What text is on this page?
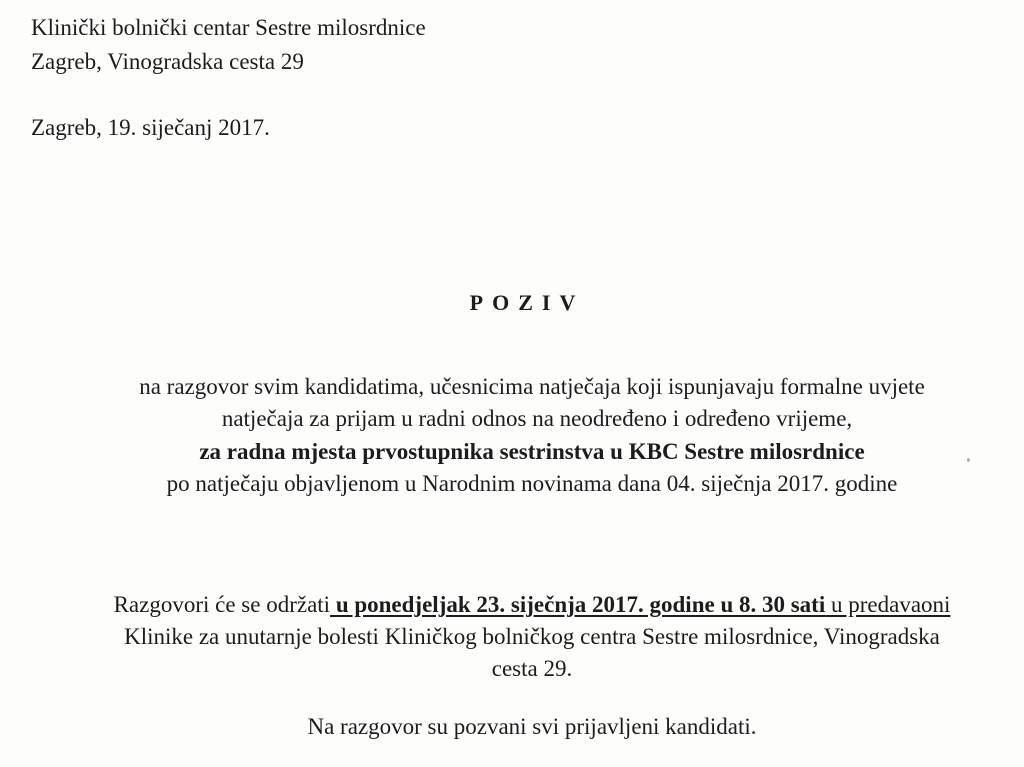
Klinički bolnički centar Sestre milosrdnice
Zagreb, Vinogradska cesta 29
Zagreb, 19. siječanj 2017.
POZIV
na razgovor svim kandidatima, učesnicima natječaja koji ispunjavaju formalne uvjete
natječaja za prijam u radni odnos na neodređeno i određeno vrijeme,
za radna mjesta prvostupnika sestrinstva u KBC Sestre milosrdnice
po natječaju objavljenom u Narodnim novinama dana 04. siječnja 2017. godine
Razgovori će se održati u ponedjeljak 23. siječnja 2017. godine u 8. 30 sati u predavaoni
Klinike za unutarnje bolesti Kliničkog bolničkog centra Sestre milosrdnice, Vinogradska
cesta 29.
Na razgovor su pozvani svi prijavljeni kandidati.
